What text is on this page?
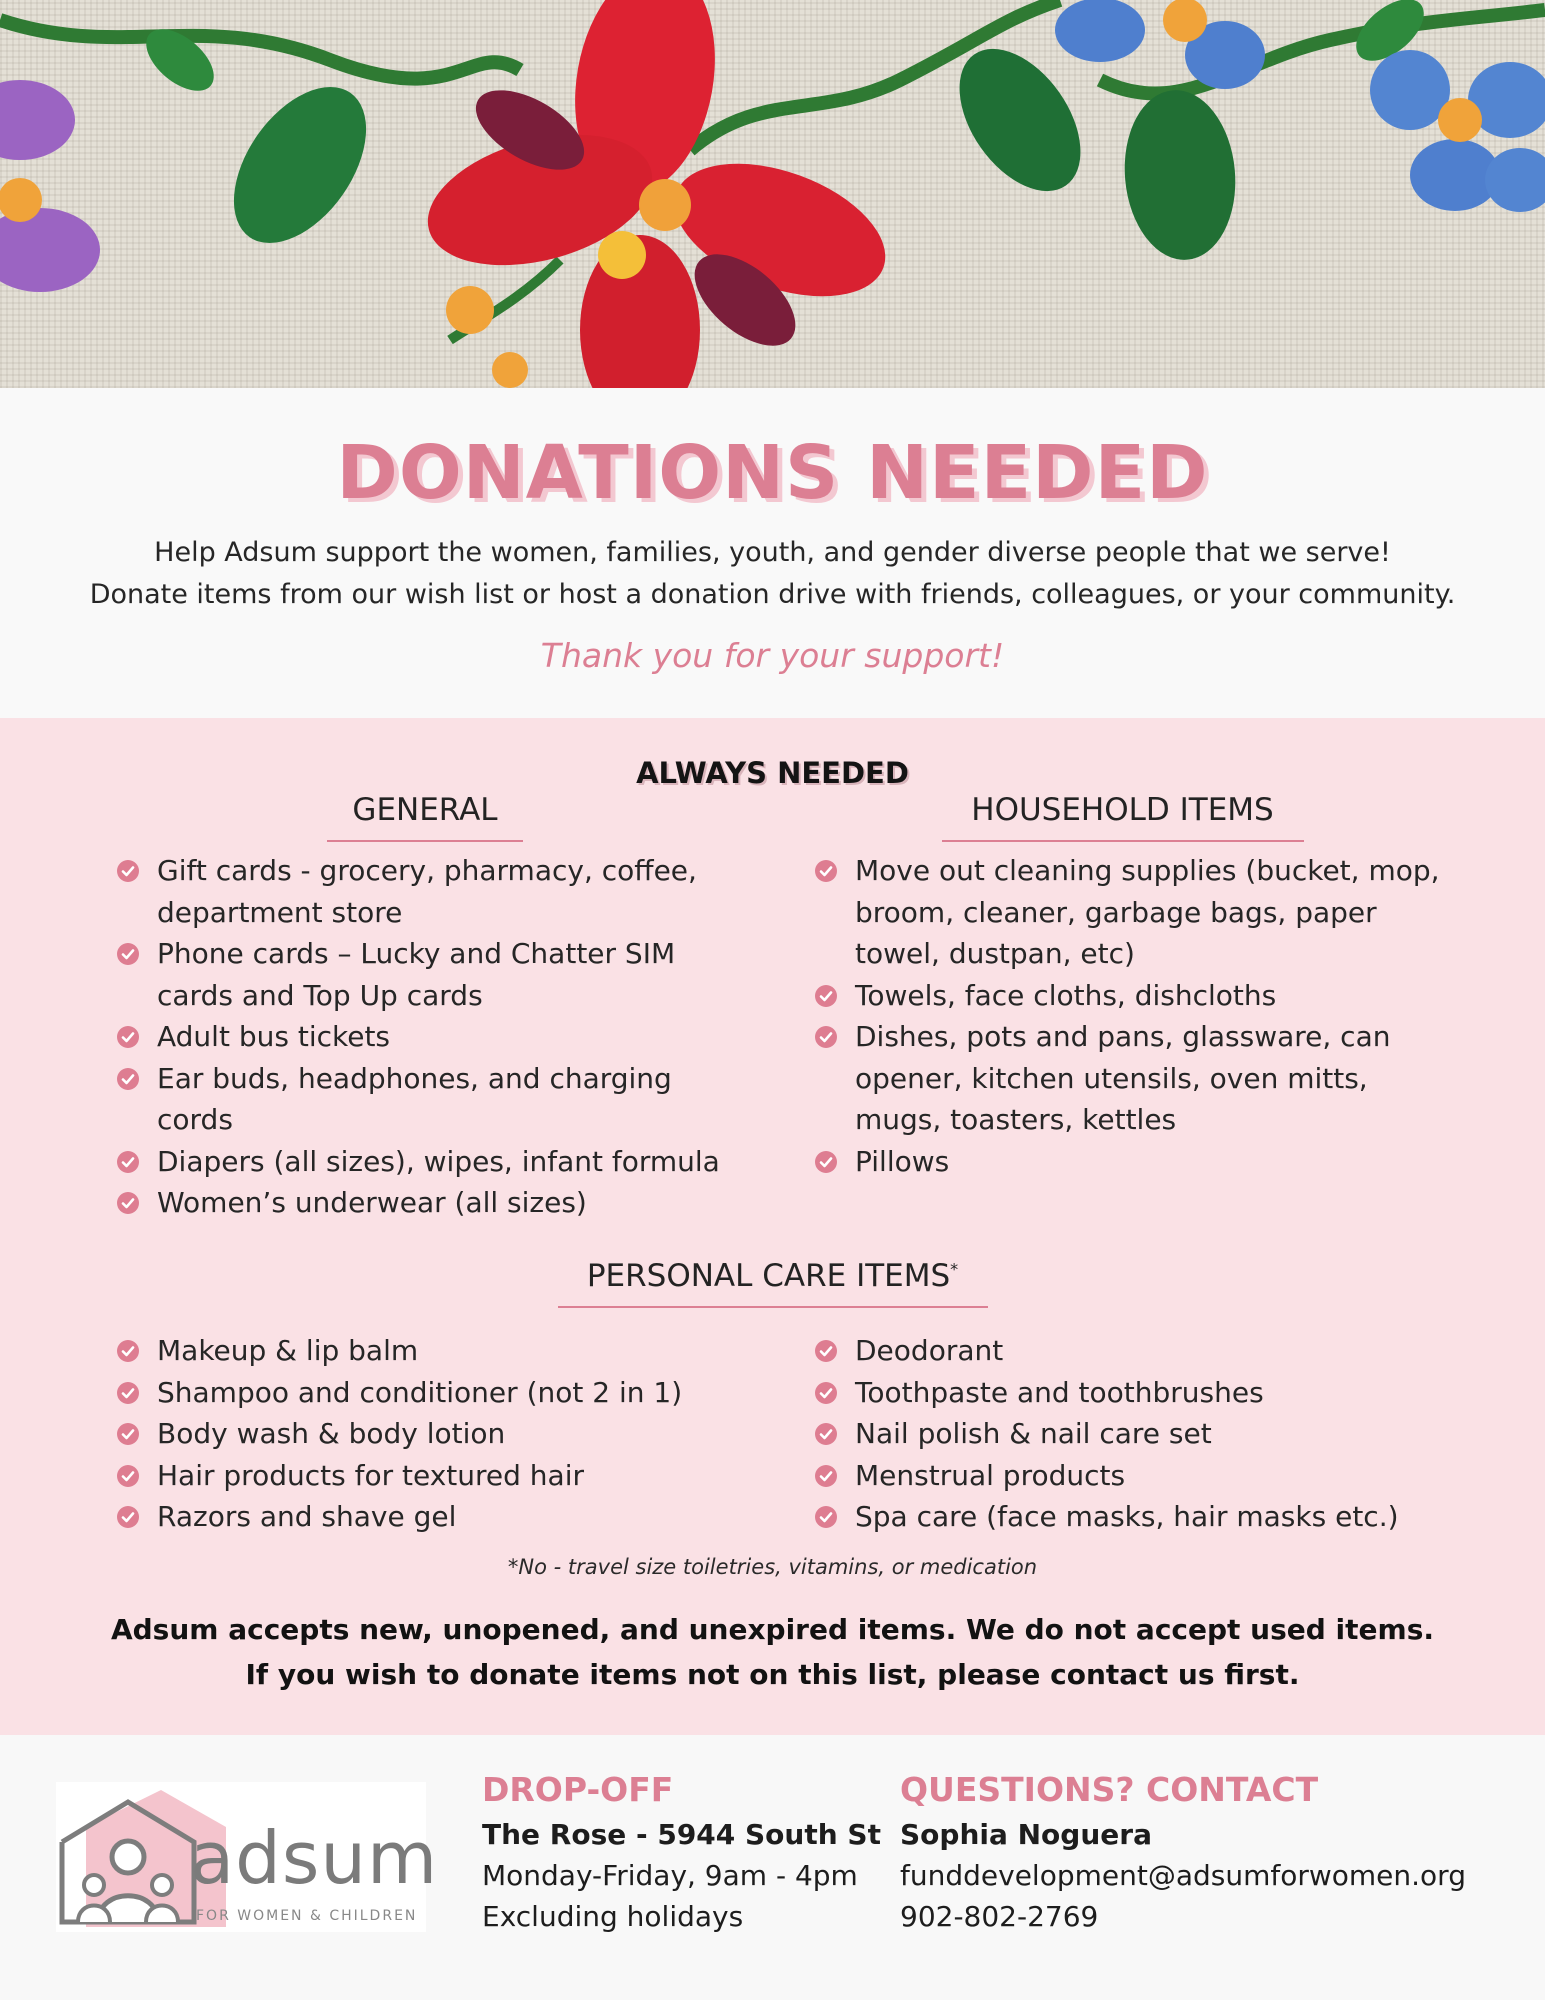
DONATIONS NEEDED
Help Adsum support the women, families, youth, and gender diverse people that we serve!
Donate items from our wish list or host a donation drive with friends, colleagues, or your community.
Thank you for your support!
ALWAYS NEEDED
GENERAL	HOUSEHOLD ITEMS
Gift cards - grocery, pharmacy, coffee,
department store
Phone cards – Lucky and Chatter SIM
cards and Top Up cards
Adult bus tickets
Ear buds, headphones, and charging
cords
Diapers (all sizes), wipes, infant formula
Women’s underwear (all sizes)
Move out cleaning supplies (bucket, mop,
broom, cleaner, garbage bags, paper
towel, dustpan, etc)
Towels, face cloths, dishcloths
Dishes, pots and pans, glassware, can
opener, kitchen utensils, oven mitts,
mugs, toasters, kettles
Pillows
PERSONAL CARE ITEMS*
Makeup & lip balm
Shampoo and conditioner (not 2 in 1)
Body wash & body lotion
Hair products for textured hair
Razors and shave gel
Deodorant
Toothpaste and toothbrushes
Nail polish & nail care set
Menstrual products
Spa care (face masks, hair masks etc.)
*No - travel size toiletries, vitamins, or medication
Adsum accepts new, unopened, and unexpired items. We do not accept used items.
If you wish to donate items not on this list, please contact us first.
adsum
FOR WOMEN & CHILDREN
DROP-OFF
The Rose - 5944 South St
Monday-Friday, 9am - 4pm
Excluding holidays
QUESTIONS? CONTACT
Sophia Noguera
funddevelopment@adsumforwomen.org
902-802-2769
